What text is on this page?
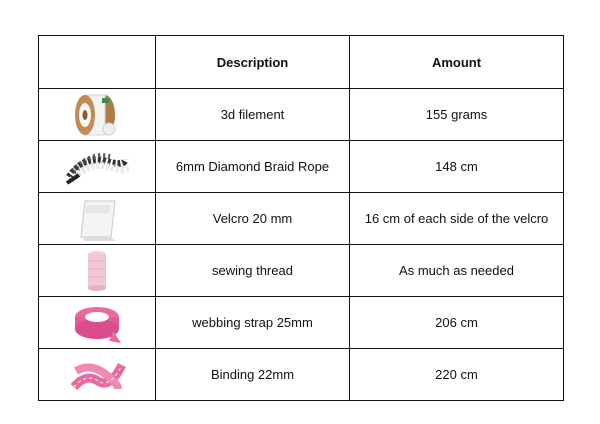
	Description	Amount

	3d filement	155 grams

	6mm Diamond Braid Rope	148 cm

	Velcro 20 mm	16 cm of each side of the velcro

	sewing thread	As much as needed

	webbing strap 25mm	206 cm

	Binding 22mm	220 cm
